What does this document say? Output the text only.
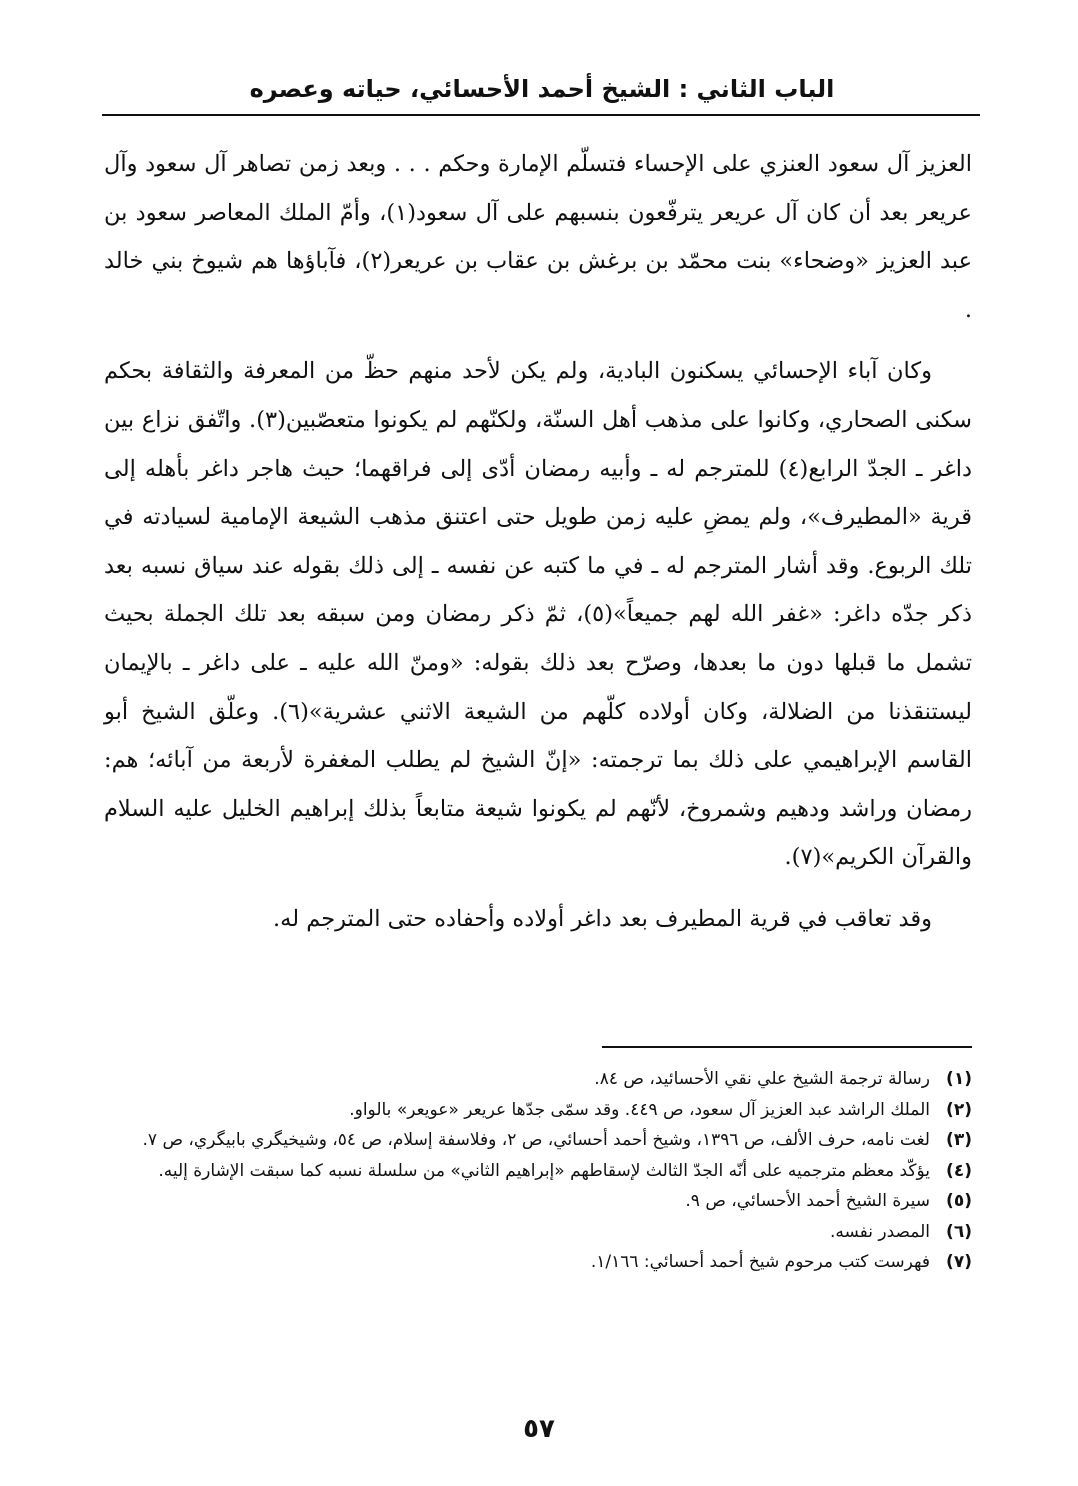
الباب الثاني : الشيخ أحمد الأحسائي، حياته وعصره

العزيز آل سعود العنزي على الإحساء فتسلّم الإمارة وحكم . . . وبعد زمن تصاهر آل سعود وآل عريعر بعد أن كان آل عريعر يترفّعون بنسبهم على آل سعود(١)، وأمّ الملك المعاصر سعود بن عبد العزيز «وضحاء» بنت محمّد بن برغش بن عقاب بن عريعر(٢)، فآباؤها هم شيوخ بني خالد .

وكان آباء الإحسائي يسكنون البادية، ولم يكن لأحد منهم حظّ من المعرفة والثقافة بحكم سكنى الصحاري، وكانوا على مذهب أهل السنّة، ولكنّهم لم يكونوا متعصّبين(٣). واتّفق نزاع بين داغر ـ الجدّ الرابع(٤) للمترجم له ـ وأبيه رمضان أدّى إلى فراقهما؛ حيث هاجر داغر بأهله إلى قرية «المطيرف»، ولم يمضِ عليه زمن طويل حتى اعتنق مذهب الشيعة الإمامية لسيادته في تلك الربوع. وقد أشار المترجم له ـ في ما كتبه عن نفسه ـ إلى ذلك بقوله عند سياق نسبه بعد ذكر جدّه داغر: «غفر الله لهم جميعاً»(٥)، ثمّ ذكر رمضان ومن سبقه بعد تلك الجملة بحيث تشمل ما قبلها دون ما بعدها، وصرّح بعد ذلك بقوله: «ومنّ الله عليه ـ على داغر ـ بالإيمان ليستنقذنا من الضلالة، وكان أولاده كلّهم من الشيعة الاثني عشرية»(٦). وعلّق الشيخ أبو القاسم الإبراهيمي على ذلك بما ترجمته: «إنّ الشيخ لم يطلب المغفرة لأربعة من آبائه؛ هم: رمضان وراشد ودهيم وشمروخ، لأنّهم لم يكونوا شيعة متابعاً بذلك إبراهيم الخليل عليه السلام والقرآن الكريم»(٧).

وقد تعاقب في قرية المطيرف بعد داغر أولاده وأحفاده حتى المترجم له.

(١)
رسالة ترجمة الشيخ علي نقي الأحسائيد، ص ٨٤.
(٢)
الملك الراشد عبد العزيز آل سعود، ص ٤٤٩. وقد سمّى جدّها عريعر «عويعر» بالواو.
(٣)
لغت نامه، حرف الألف، ص ١٣٩٦، وشيخ أحمد أحسائي، ص ٢، وفلاسفة إسلام، ص ٥٤، وشيخيگري بابيگري، ص ٧.
(٤)
يؤكّد معظم مترجميه على أنّه الجدّ الثالث لإسقاطهم «إبراهيم الثاني» من سلسلة نسبه كما سبقت الإشارة إليه.
(٥)
سيرة الشيخ أحمد الأحسائي، ص ٩.
(٦)
المصدر نفسه.
(٧)
فهرست كتب مرحوم شيخ أحمد أحسائي: ١/١٦٦.
٥٧
